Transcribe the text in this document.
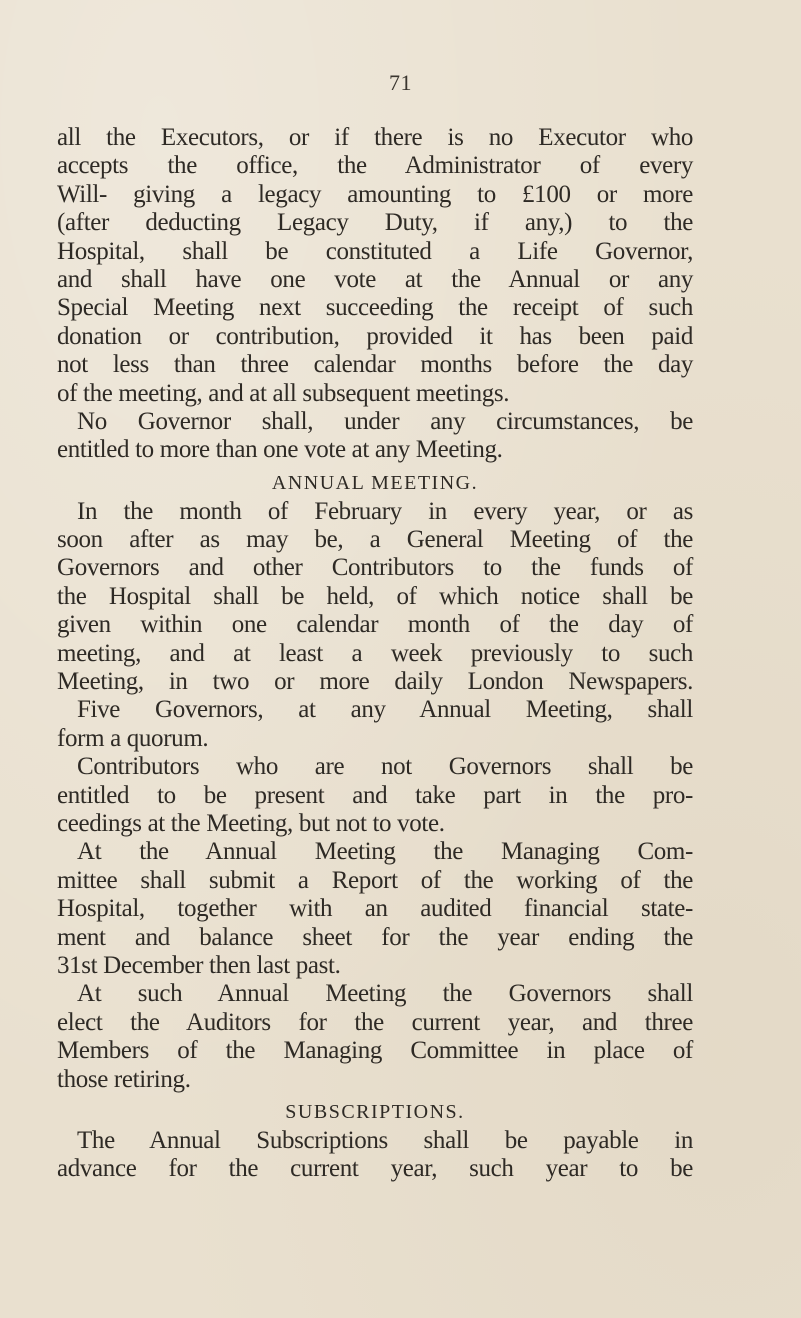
71
all the Executors, or if there is no Executor who
accepts the office, the Administrator of every
Will- giving a legacy amounting to £100 or more
(after deducting Legacy Duty, if any,) to the
Hospital, shall be constituted a Life Governor,
and shall have one vote at the Annual or any
Special Meeting next succeeding the receipt of such
donation or contribution, provided it has been paid
not less than three calendar months before the day
of the meeting, and at all subsequent meetings.
No Governor shall, under any circumstances, be
entitled to more than one vote at any Meeting.
ANNUAL MEETING.
In the month of February in every year, or as
soon after as may be, a General Meeting of the
Governors and other Contributors to the funds of
the Hospital shall be held, of which notice shall be
given within one calendar month of the day of
meeting, and at least a week previously to such
Meeting, in two or more daily London Newspapers.
Five Governors, at any Annual Meeting, shall
form a quorum.
Contributors who are not Governors shall be
entitled to be present and take part in the pro-
ceedings at the Meeting, but not to vote.
At the Annual Meeting the Managing Com-
mittee shall submit a Report of the working of the
Hospital, together with an audited financial state-
ment and balance sheet for the year ending the
31st December then last past.
At such Annual Meeting the Governors shall
elect the Auditors for the current year, and three
Members of the Managing Committee in place of
those retiring.
SUBSCRIPTIONS.
The Annual Subscriptions shall be payable in
advance for the current year, such year to be
